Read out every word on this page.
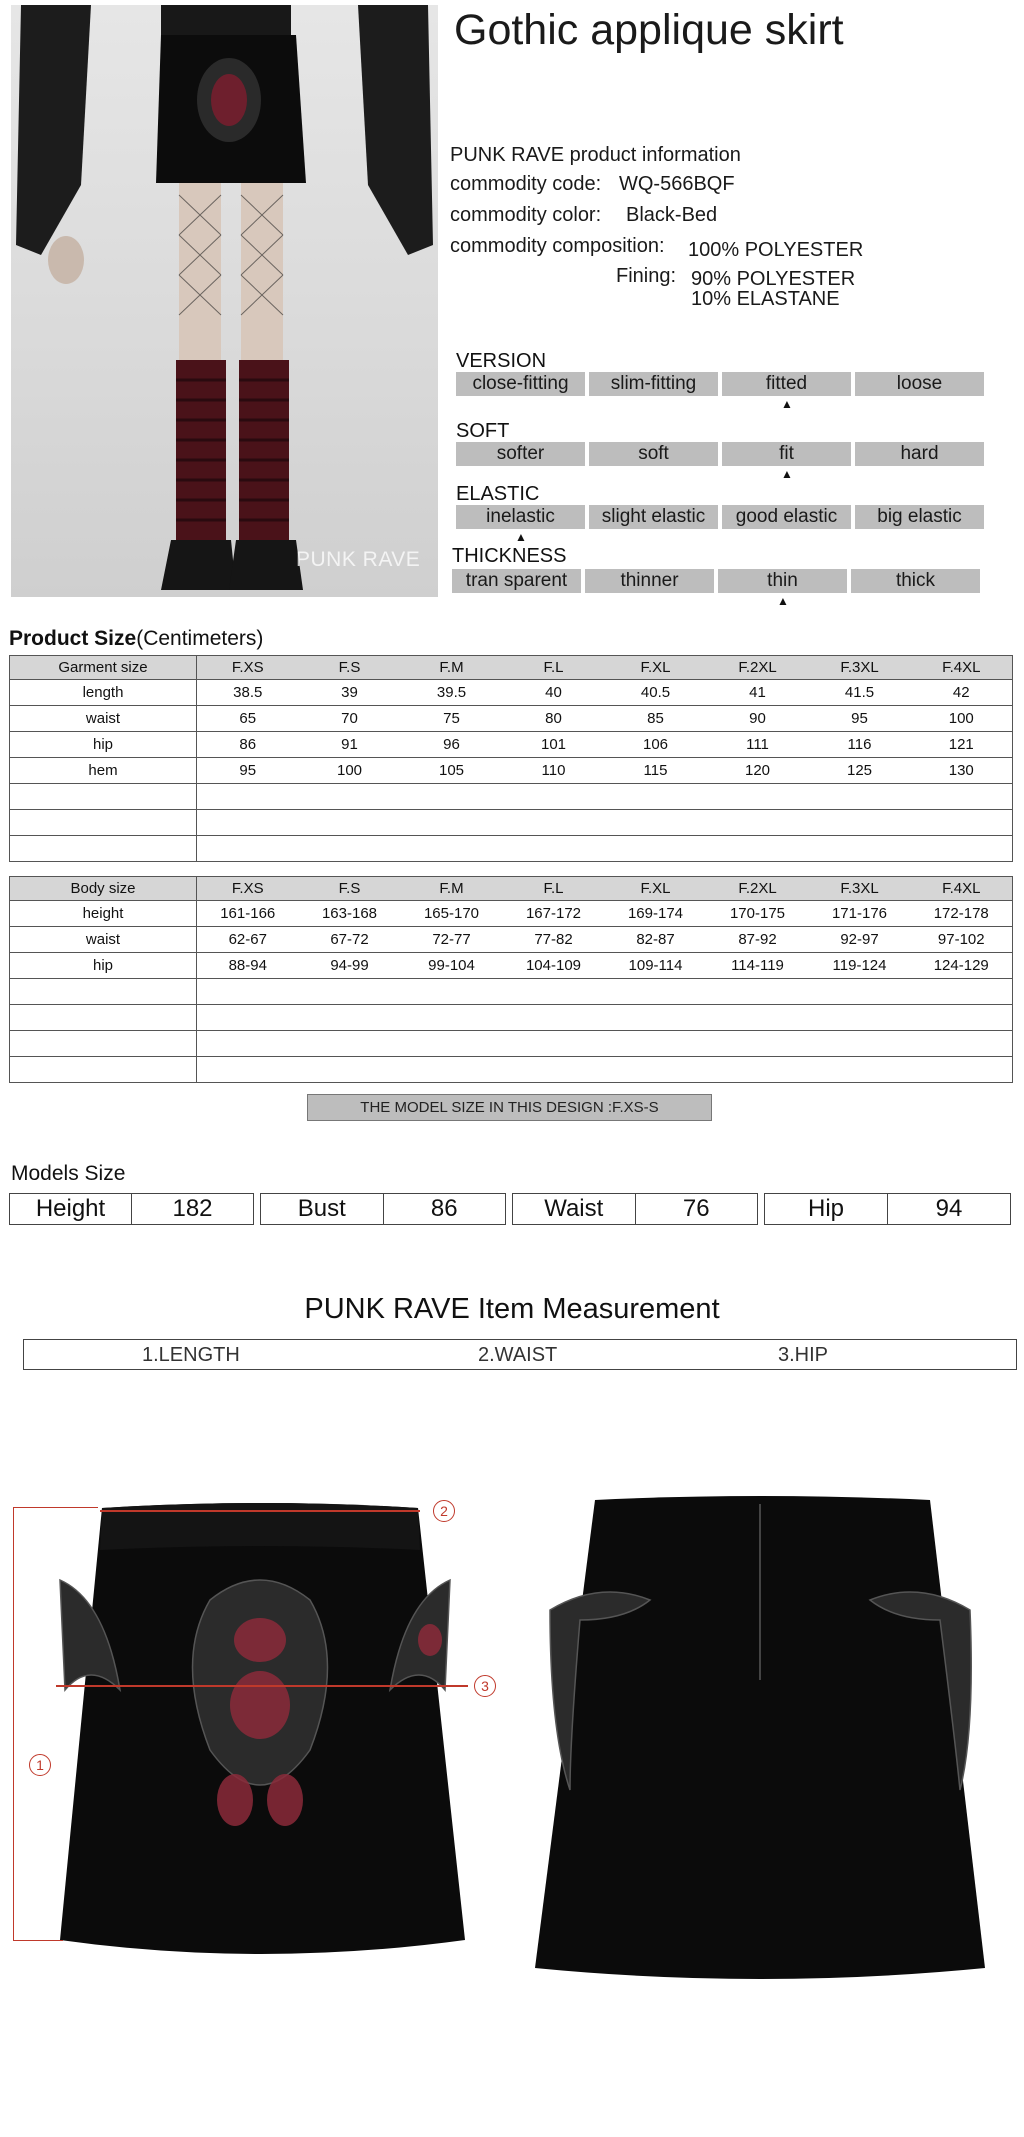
PUNK RAVE
Gothic applique skirt
PUNK RAVE product information
commodity code: WQ-566BQF
commodity color: Black-Bed
commodity composition: 100% POLYESTER
Fining: 90% POLYESTER
10% ELASTANE
VERSION
close-fitting	slim-fitting	fitted	loose
▲
SOFT
softer	soft	fit	hard
▲
ELASTIC
inelastic	slight elastic	good elastic	big elastic
▲
THICKNESS
tran sparent	thinner	thin	thick
▲
Product Size(Centimeters)
Garment size	F.XS	F.S	F.M	F.L	F.XL	F.2XL	F.3XL	F.4XL
length	38.5	39	39.5	40	40.5	41	41.5	42
waist	65	70	75	80	85	90	95	100
hip	86	91	96	101	106	111	116	121
hem	95	100	105	110	115	120	125	130

Body size	F.XS	F.S	F.M	F.L	F.XL	F.2XL	F.3XL	F.4XL
height	161-166	163-168	165-170	167-172	169-174	170-175	171-176	172-178
waist	62-67	67-72	72-77	77-82	82-87	87-92	92-97	97-102
hip	88-94	94-99	99-104	104-109	109-114	114-119	119-124	124-129

THE MODEL SIZE IN THIS DESIGN :F.XS-S
Models Size
Height	182	Bust	86	Waist	76	Hip	94
PUNK RAVE Item Measurement
1.LENGTH	2.WAIST	3.HIP
1
2
3
